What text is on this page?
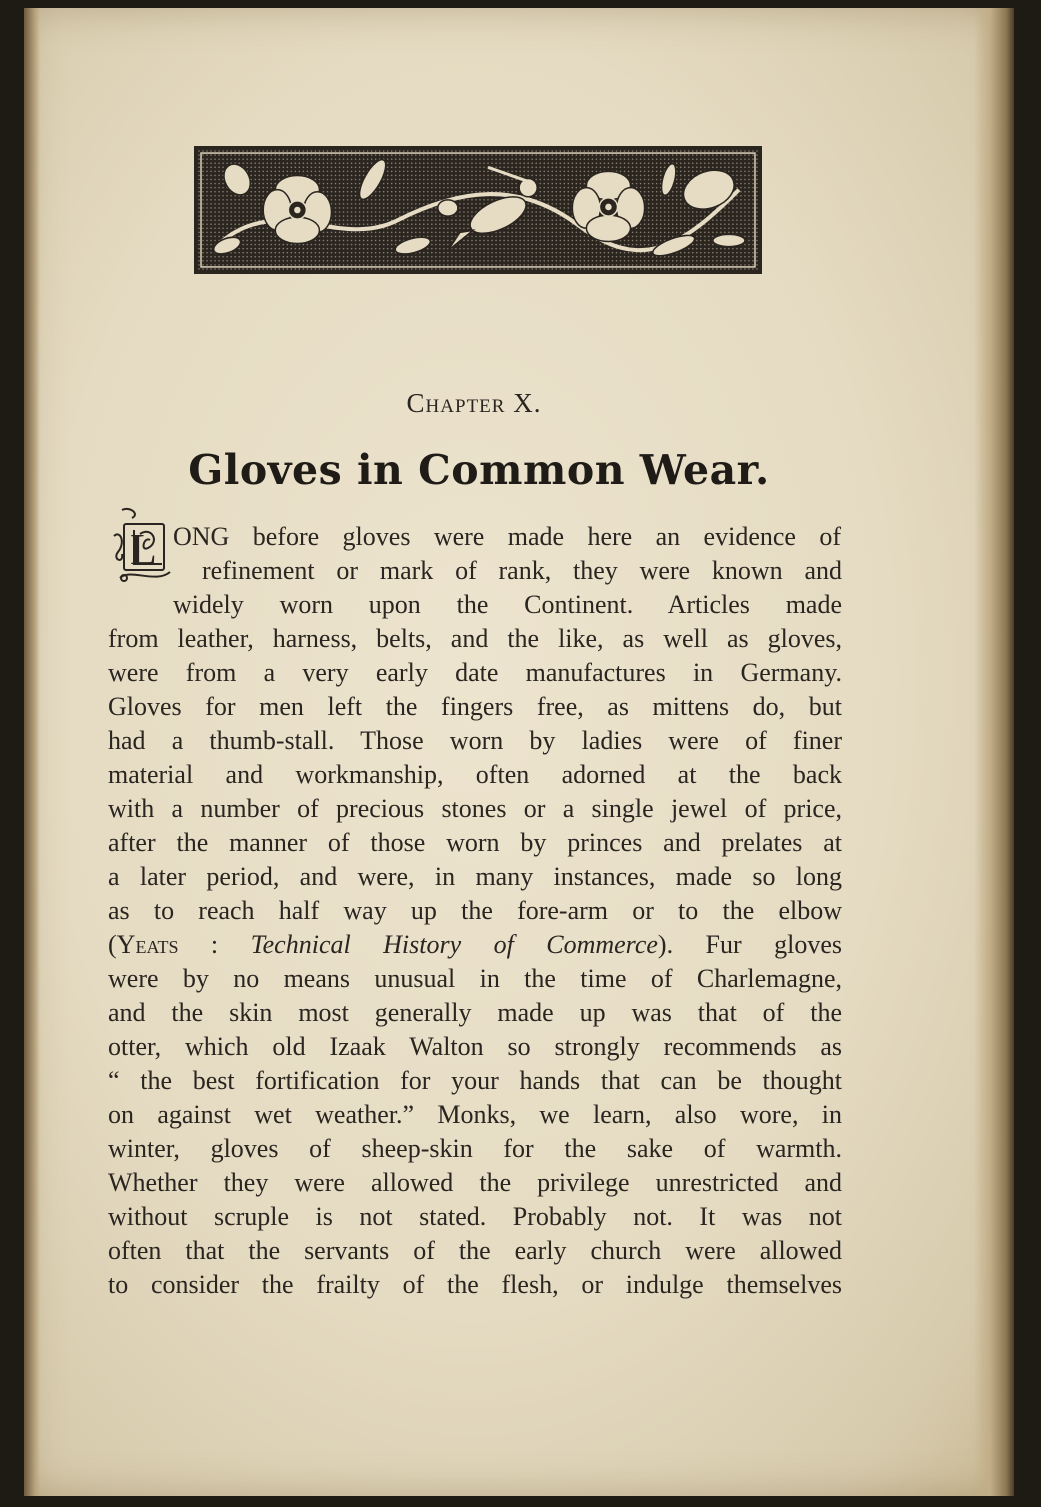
Chapter X.
Gloves in Common Wear.
L ONG before gloves were made here an evidence of
refinement or mark of rank, they were known and
widely worn upon the Continent. Articles made
from leather, harness, belts, and the like, as well as gloves,
were from a very early date manufactures in Germany.
Gloves for men left the fingers free, as mittens do, but
had a thumb-stall. Those worn by ladies were of finer
material and workmanship, often adorned at the back
with a number of precious stones or a single jewel of price,
after the manner of those worn by princes and prelates at
a later period, and were, in many instances, made so long
as to reach half way up the fore-arm or to the elbow
(Yeats : Technical History of Commerce). Fur gloves
were by no means unusual in the time of Charlemagne,
and the skin most generally made up was that of the
otter, which old Izaak Walton so strongly recommends as
“ the best fortification for your hands that can be thought
on against wet weather.” Monks, we learn, also wore, in
winter, gloves of sheep-skin for the sake of warmth.
Whether they were allowed the privilege unrestricted and
without scruple is not stated. Probably not. It was not
often that the servants of the early church were allowed
to consider the frailty of the flesh, or indulge themselves
